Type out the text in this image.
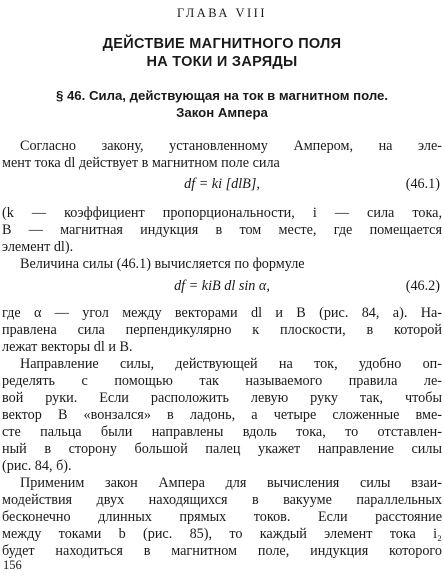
ГЛАВА VIII
ДЕЙСТВИЕ МАГНИТНОГО ПОЛЯ
НА ТОКИ И ЗАРЯДЫ
§ 46. Сила, действующая на ток в магнитном поле.
Закон Ампера
Согласно закону, установленному Ампером, на эле-
мент тока dl действует в магнитном поле сила
df = ki [dlB],	(46.1)
(k — коэффициент пропорциональности, i — сила тока,
B — магнитная индукция в том месте, где помещается
элемент dl).
Величина силы (46.1) вычисляется по формуле
df = kiB dl sin α,	(46.2)
где α — угол между векторами dl и B (рис. 84, а). На-
правлена сила перпендикулярно к плоскости, в которой
лежат векторы dl и B.
Направление силы, действующей на ток, удобно оп-
ределять с помощью так называемого правила ле-
вой руки. Если расположить левую руку так, чтобы
вектор B «вонзался» в ладонь, а четыре сложенные вме-
сте пальца были направлены вдоль тока, то отставлен-
ный в сторону большой палец укажет направление силы
(рис. 84, б).
Применим закон Ампера для вычисления силы взаи-
модействия двух находящихся в вакууме параллельных
бесконечно длинных прямых токов. Если расстояние
между токами b (рис. 85), то каждый элемент тока i₂
будет находиться в магнитном поле, индукция которого
156
